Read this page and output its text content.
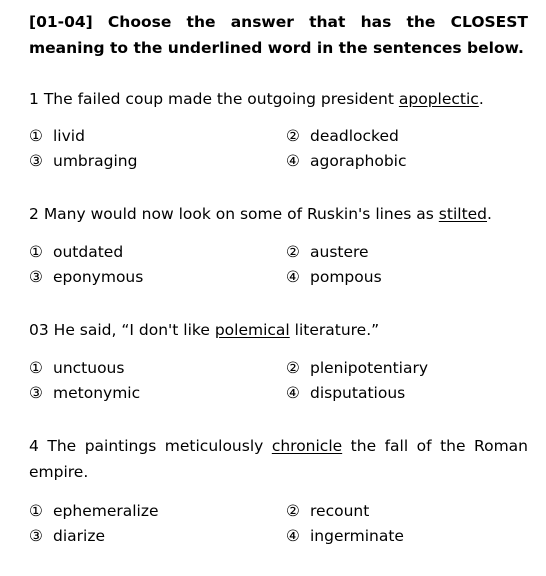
[01-04] Choose the answer that has the CLOSEST meaning to the underlined word in the sentences below.
1 The failed coup made the outgoing president apoplectic.
① livid	② deadlocked
③ umbraging	④ agoraphobic
2 Many would now look on some of Ruskin's lines as stilted.
① outdated	② austere
③ eponymous	④ pompous
03 He said, “I don't like polemical literature.”
① unctuous	② plenipotentiary
③ metonymic	④ disputatious
4 The paintings meticulously chronicle the fall of the Roman
empire.
① ephemeralize	② recount
③ diarize	④ ingerminate
